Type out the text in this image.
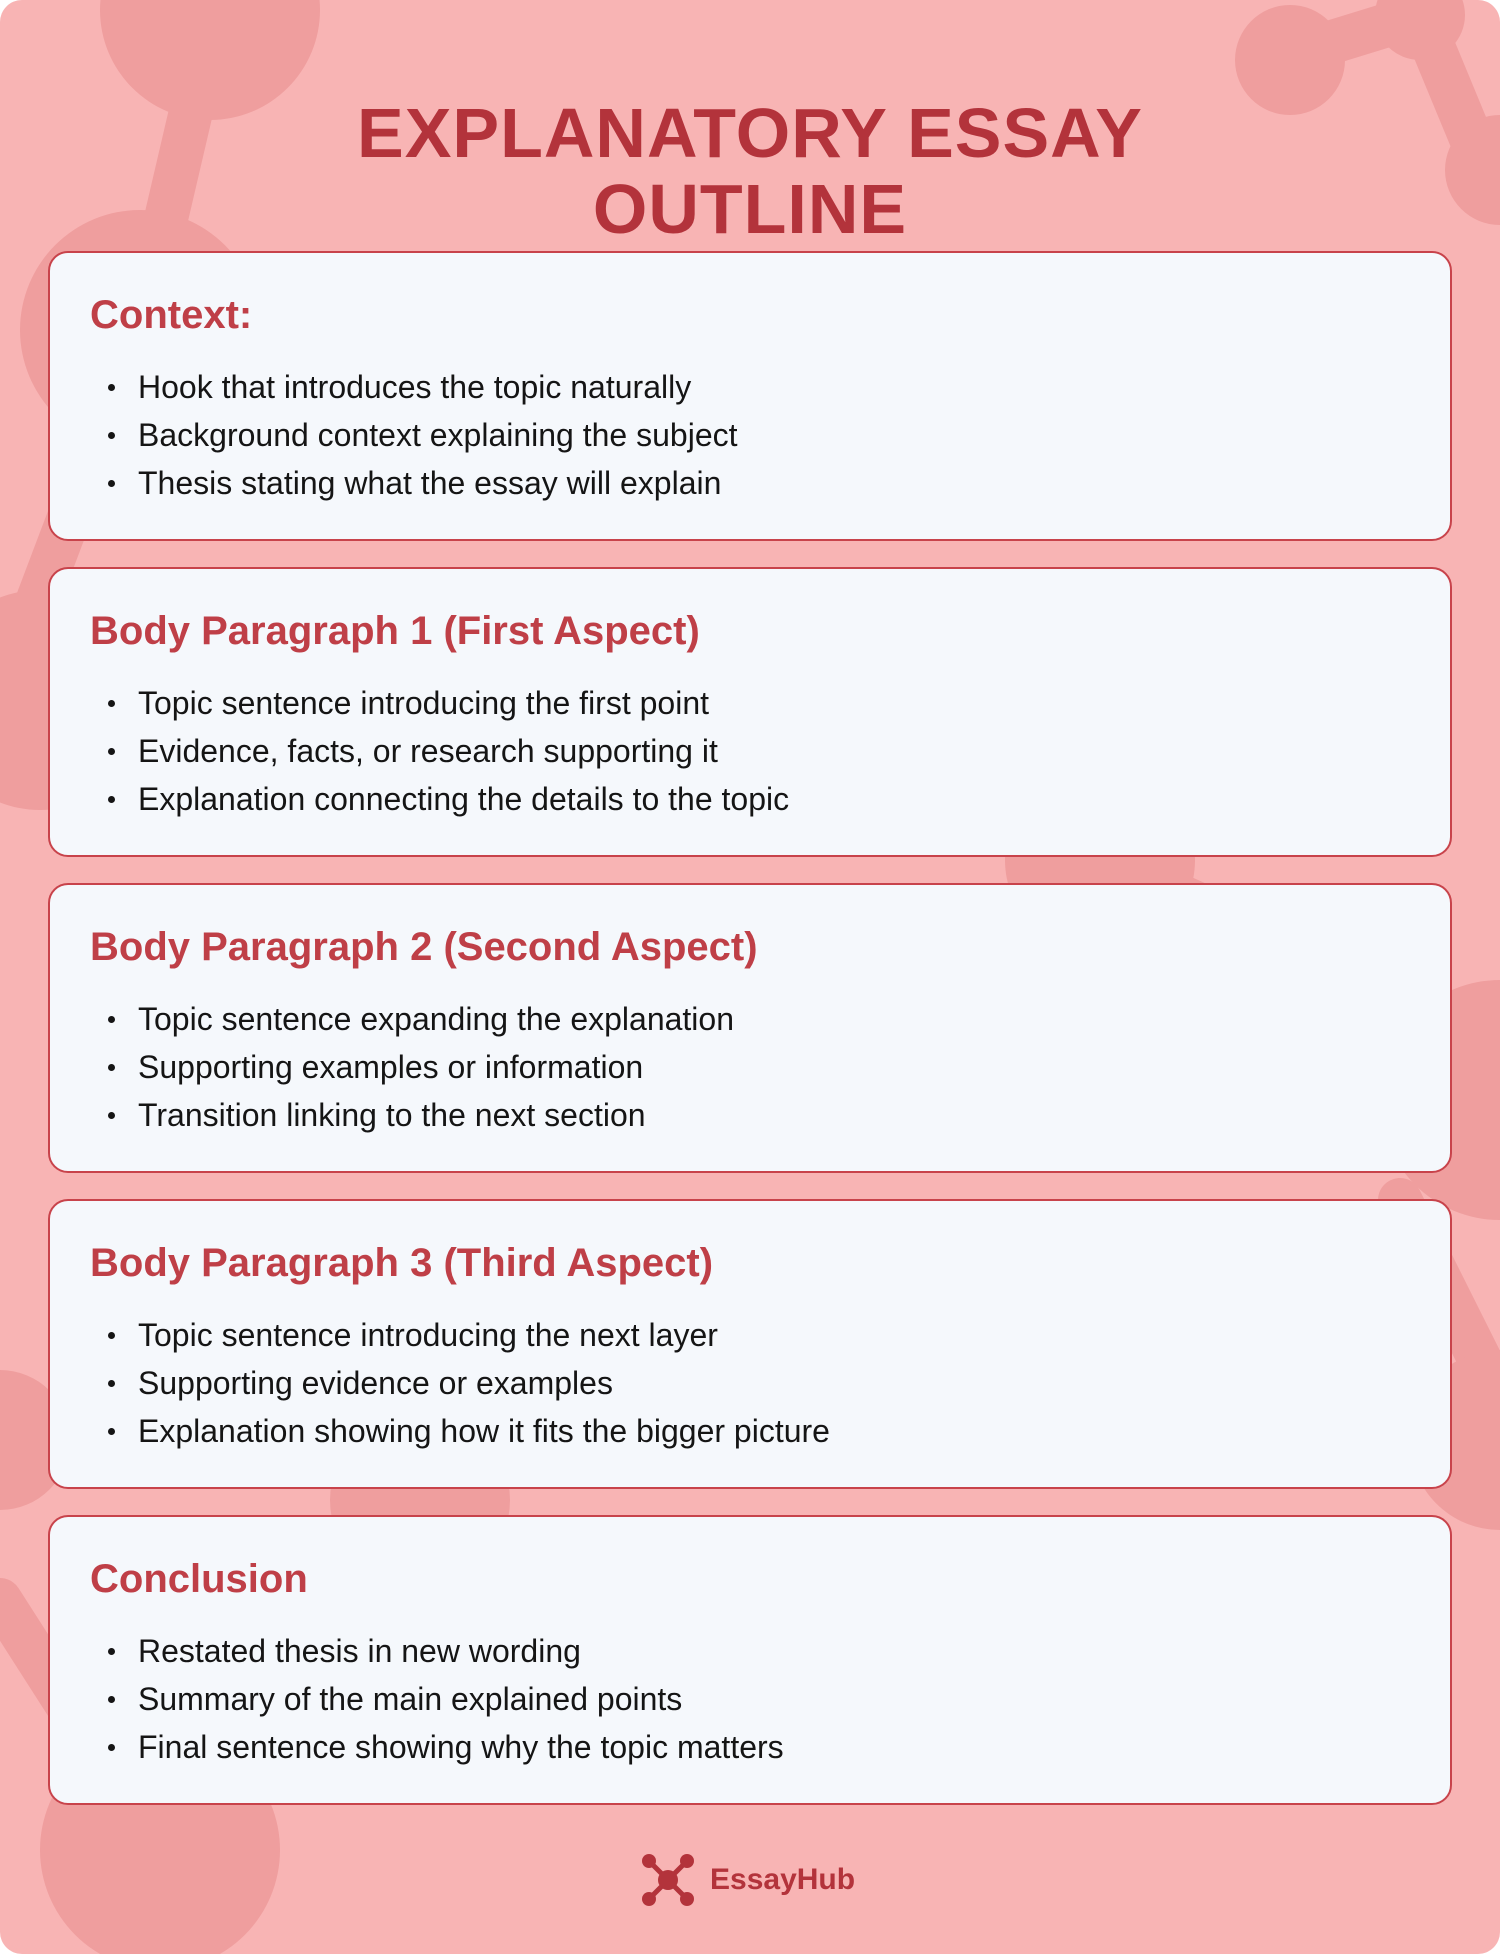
EXPLANATORY ESSAY
OUTLINE
Context:
Hook that introduces the topic naturally
Background context explaining the subject
Thesis stating what the essay will explain
Body Paragraph 1 (First Aspect)
Topic sentence introducing the first point
Evidence, facts, or research supporting it
Explanation connecting the details to the topic
Body Paragraph 2 (Second Aspect)
Topic sentence expanding the explanation
Supporting examples or information
Transition linking to the next section
Body Paragraph 3 (Third Aspect)
Topic sentence introducing the next layer
Supporting evidence or examples
Explanation showing how it fits the bigger picture
Conclusion
Restated thesis in new wording
Summary of the main explained points
Final sentence showing why the topic matters
EssayHub
